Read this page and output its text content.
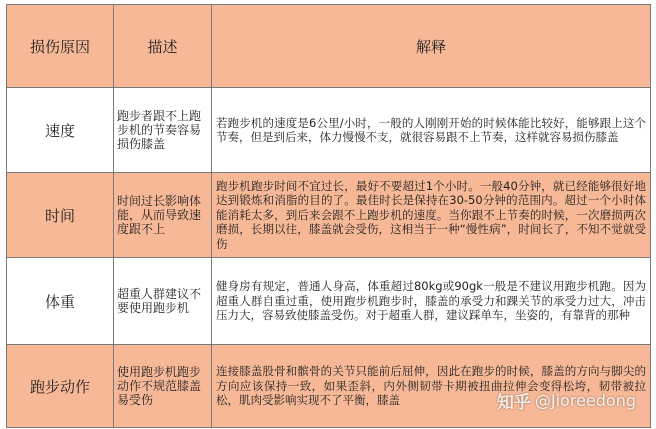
损伤原因	描述	解释
速度	跑步者跟不上跑步机的节奏容易损伤膝盖	若跑步机的速度是6公里/小时，一般的人刚刚开始的时候体能比较好，能够跟上这个节奏，但是到后来，体力慢慢不支，就很容易跟不上节奏，这样就容易损伤膝盖
时间	时间过长影响体能，从而导致速度跟不上	跑步机跑步时间不宜过长，最好不要超过1个小时。一般40分钟，就已经能够很好地达到锻炼和消脂的目的了。最佳时长是保持在30-50分钟的范围内。超过一个小时体能消耗太多，到后来会跟不上跑步机的速度。当你跟不上节奏的时候，一次磨损两次磨损，长期以往，膝盖就会受伤，这相当于一种“慢性病”，时间长了，不知不觉就受伤
体重	超重人群建议不要使用跑步机	健身房有规定，普通人身高，体重超过80kg或90gk一般是不建议用跑步机跑。因为超重人群自重过重，使用跑步机跑步时，膝盖的承受力和踝关节的承受力过大，冲击压力大，容易致使膝盖受伤。对于超重人群，建议踩单车，坐姿的，有靠背的那种
跑步动作	使用跑步机跑步动作不规范膝盖易受伤	连接膝盖股骨和髌骨的关节只能前后屈伸，因此在跑步的时候，膝盖的方向与脚尖的方向应该保持一致，如果歪斜，内外侧韧带卡期被扭曲拉伸会变得松垮，韧带被拉松，肌肉受影响实现不了平衡，膝盖	知乎 @Jioreedong
